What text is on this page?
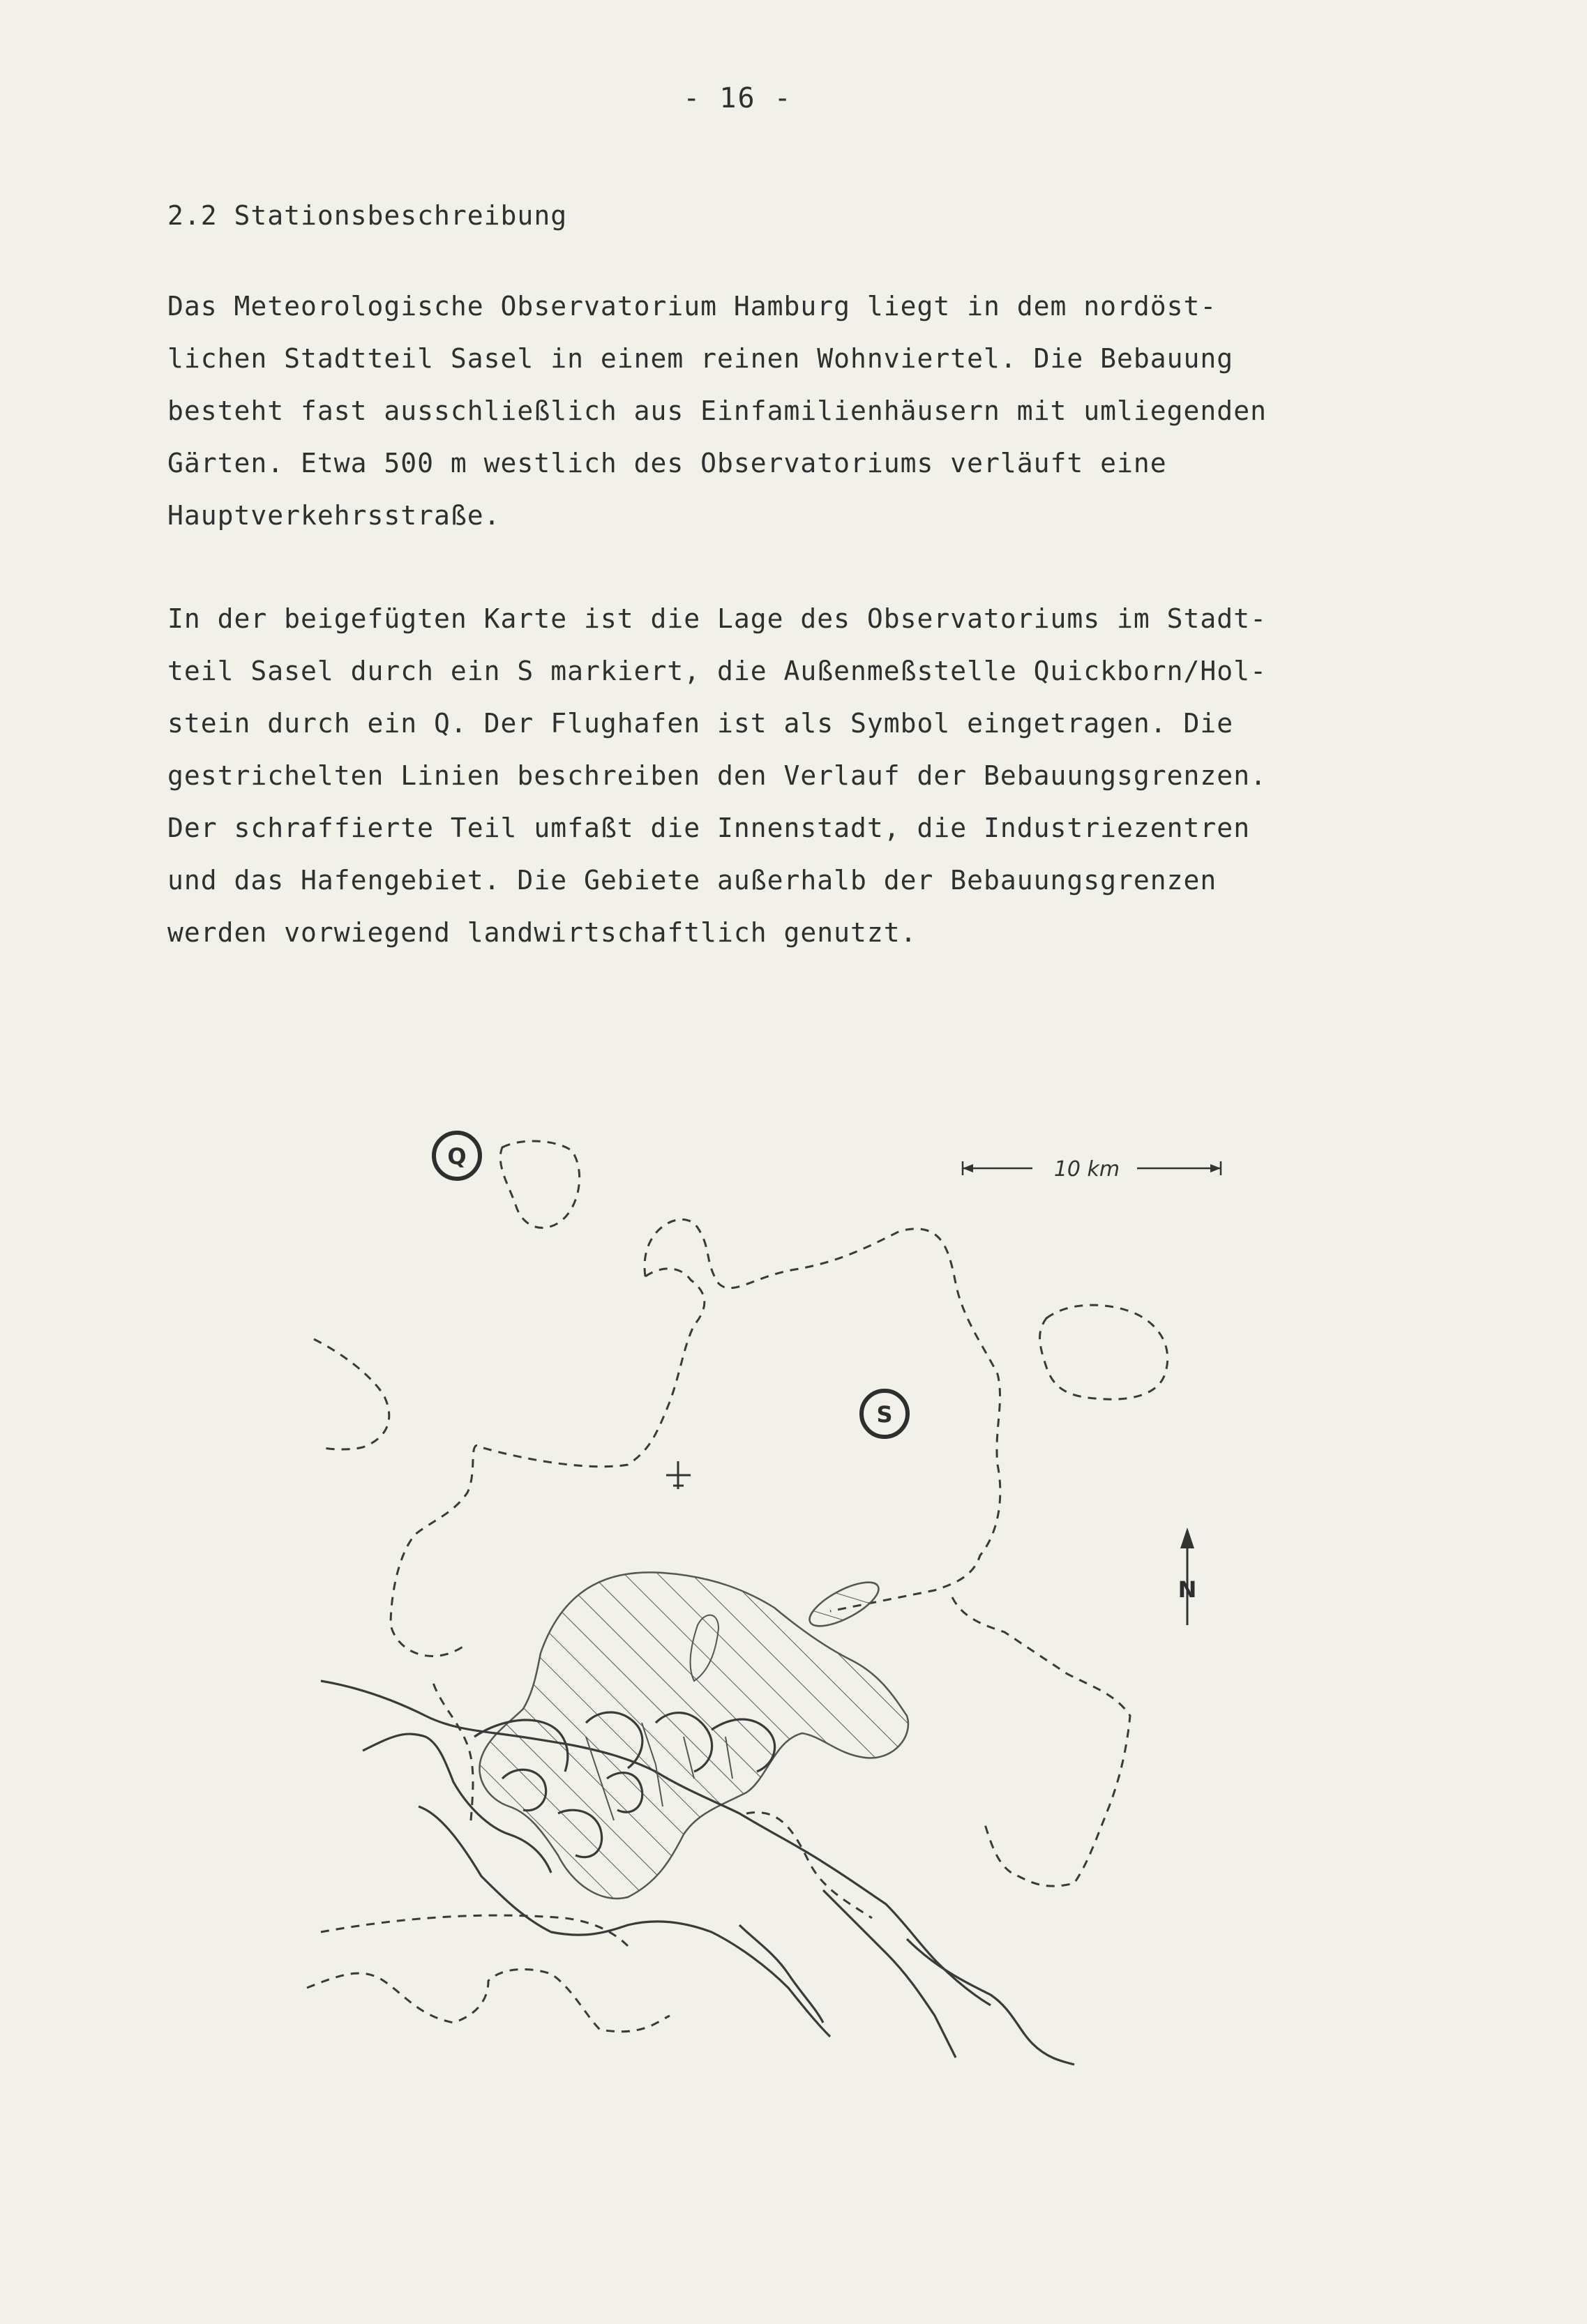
- 16 -
2.2 Stationsbeschreibung
Das Meteorologische Observatorium Hamburg liegt in dem nordöst-
lichen Stadtteil Sasel in einem reinen Wohnviertel. Die Bebauung
besteht fast ausschließlich aus Einfamilienhäusern mit umliegenden
Gärten. Etwa 500 m westlich des Observatoriums verläuft eine
Hauptverkehrsstraße.
In der beigefügten Karte ist die Lage des Observatoriums im Stadt-
teil Sasel durch ein S markiert, die Außenmeßstelle Quickborn/Hol-
stein durch ein Q. Der Flughafen ist als Symbol eingetragen. Die
gestrichelten Linien beschreiben den Verlauf der Bebauungsgrenzen.
Der schraffierte Teil umfaßt die Innenstadt, die Industriezentren
und das Hafengebiet. Die Gebiete außerhalb der Bebauungsgrenzen
werden vorwiegend landwirtschaftlich genutzt.
Q
S
10 km
N
